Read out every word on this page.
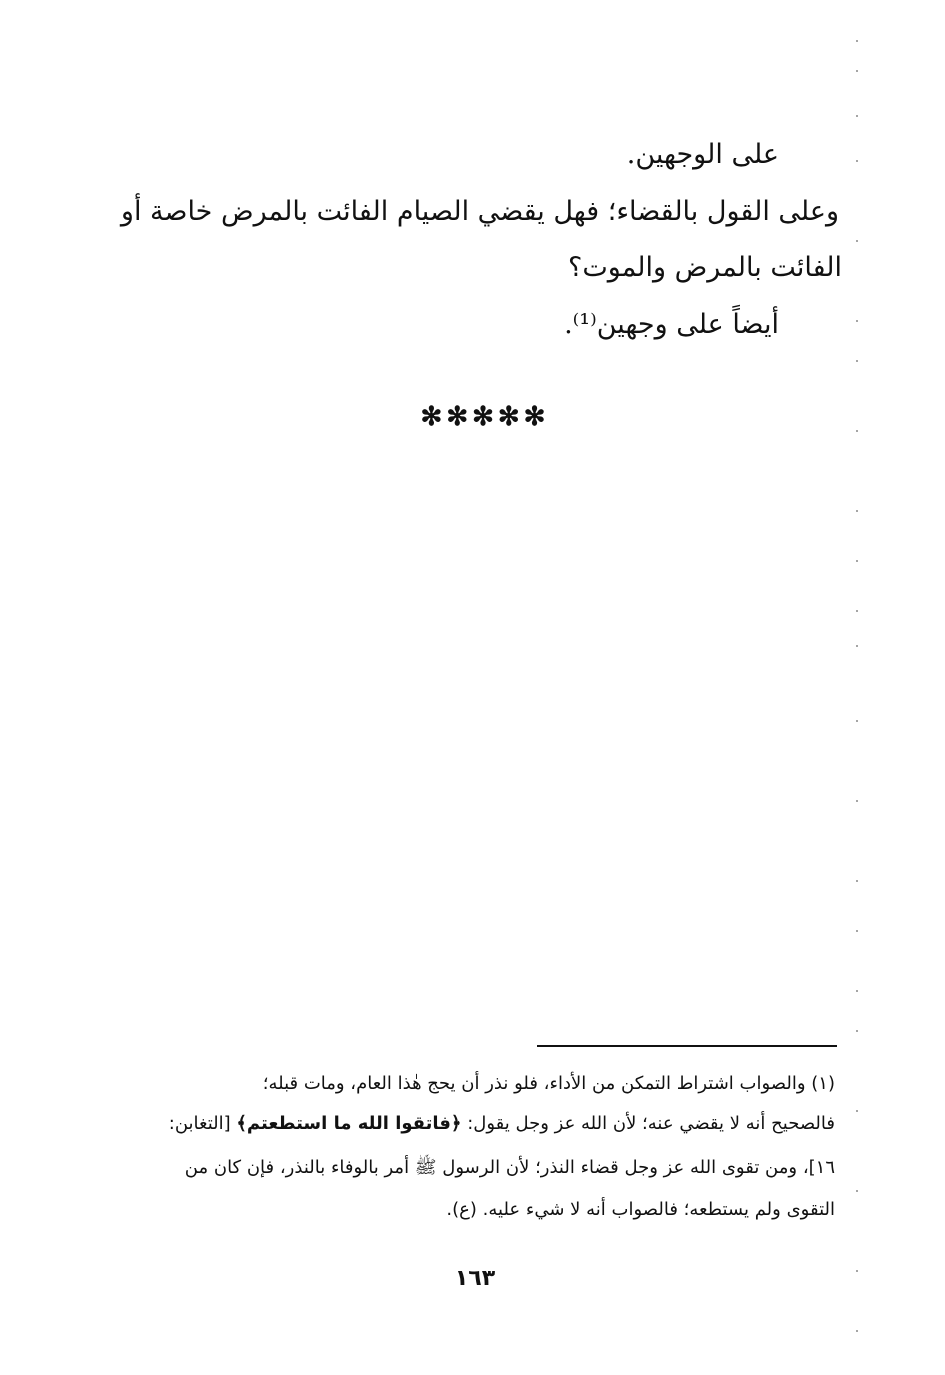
على الوجهين.
وعلى القول بالقضاء؛ فهل يقضي الصيام الفائت بالمرض خاصة أو
الفائت بالمرض والموت؟
أيضاً على وجهين⁽¹⁾.
✻✻✻✻✻
(١) والصواب اشتراط التمكن من الأداء، فلو نذر أن يحج هٰذا العام، ومات قبله؛
فالصحيح أنه لا يقضي عنه؛ لأن الله عز وجل يقول: ﴿فاتقوا الله ما استطعتم﴾ [التغابن:
١٦]، ومن تقوى الله عز وجل قضاء النذر؛ لأن الرسول ﷺ أمر بالوفاء بالنذر، فإن كان من
التقوى ولم يستطعه؛ فالصواب أنه لا شيء عليه. (ع).
١٦٣
